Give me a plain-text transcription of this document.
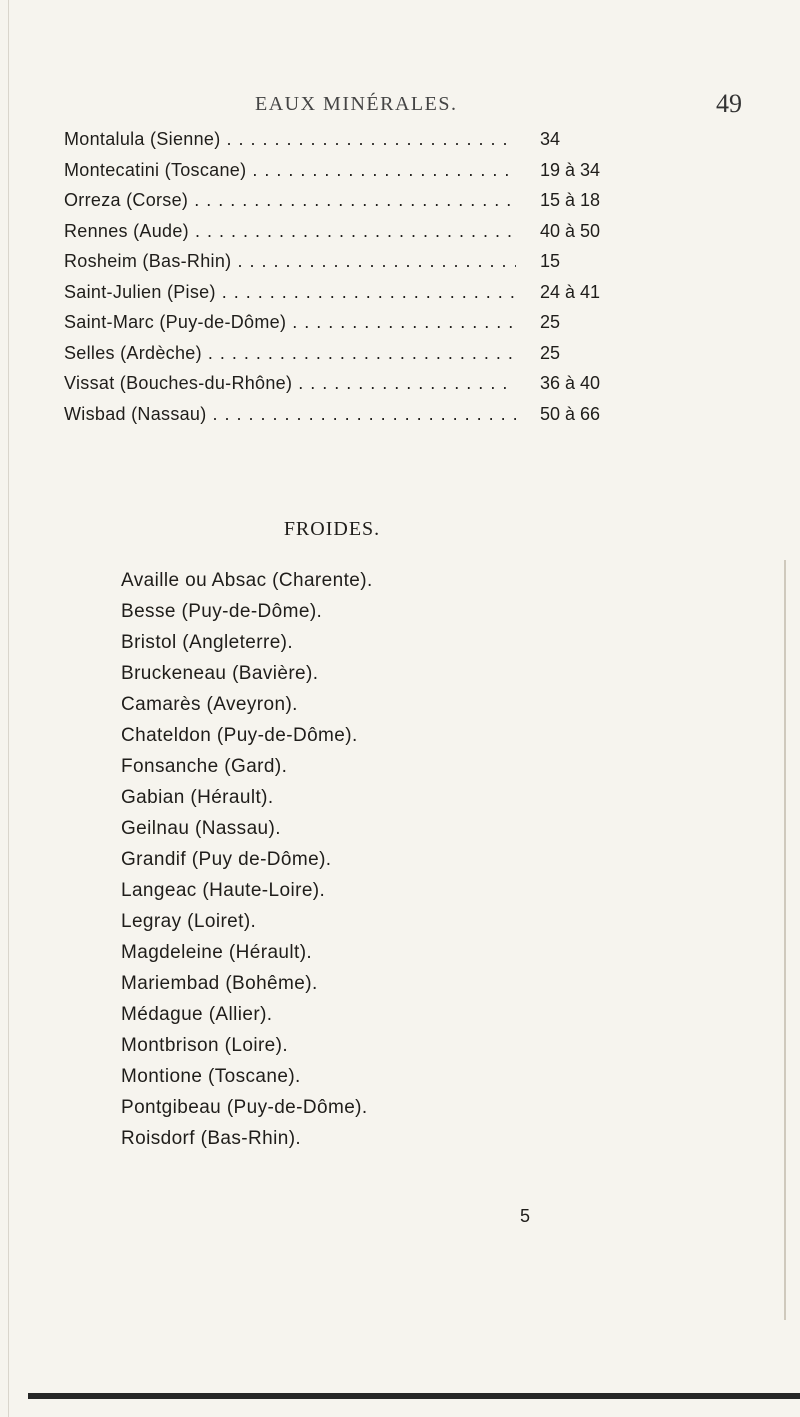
EAUX MINÉRALES.	49
Montalula (Sienne) . . .	34
Montecatini (Toscane) . . .	19 à 34
Orreza (Corse) . . .	15 à 18
Rennes (Aude) . . .	40 à 50
Rosheim (Bas-Rhin) . . .	15
Saint-Julien (Pise) . . .	24 à 41
Saint-Marc (Puy-de-Dôme) . . .	25
Selles (Ardèche) . . .	25
Vissat (Bouches-du-Rhône) . . .	36 à 40
Wisbad (Nassau) . . .	50 à 66
FROIDES.
Availle ou Absac (Charente).
Besse (Puy-de-Dôme).
Bristol (Angleterre).
Bruckeneau (Bavière).
Camarès (Aveyron).
Chateldon (Puy-de-Dôme).
Fonsanche (Gard).
Gabian (Hérault).
Geilnau (Nassau).
Grandif (Puy de-Dôme).
Langeac (Haute-Loire).
Legray (Loiret).
Magdeleine (Hérault).
Mariembad (Bohême).
Médague (Allier).
Montbrison (Loire).
Montione (Toscane).
Pontgibeau (Puy-de-Dôme).
Roisdorf (Bas-Rhin).
5
